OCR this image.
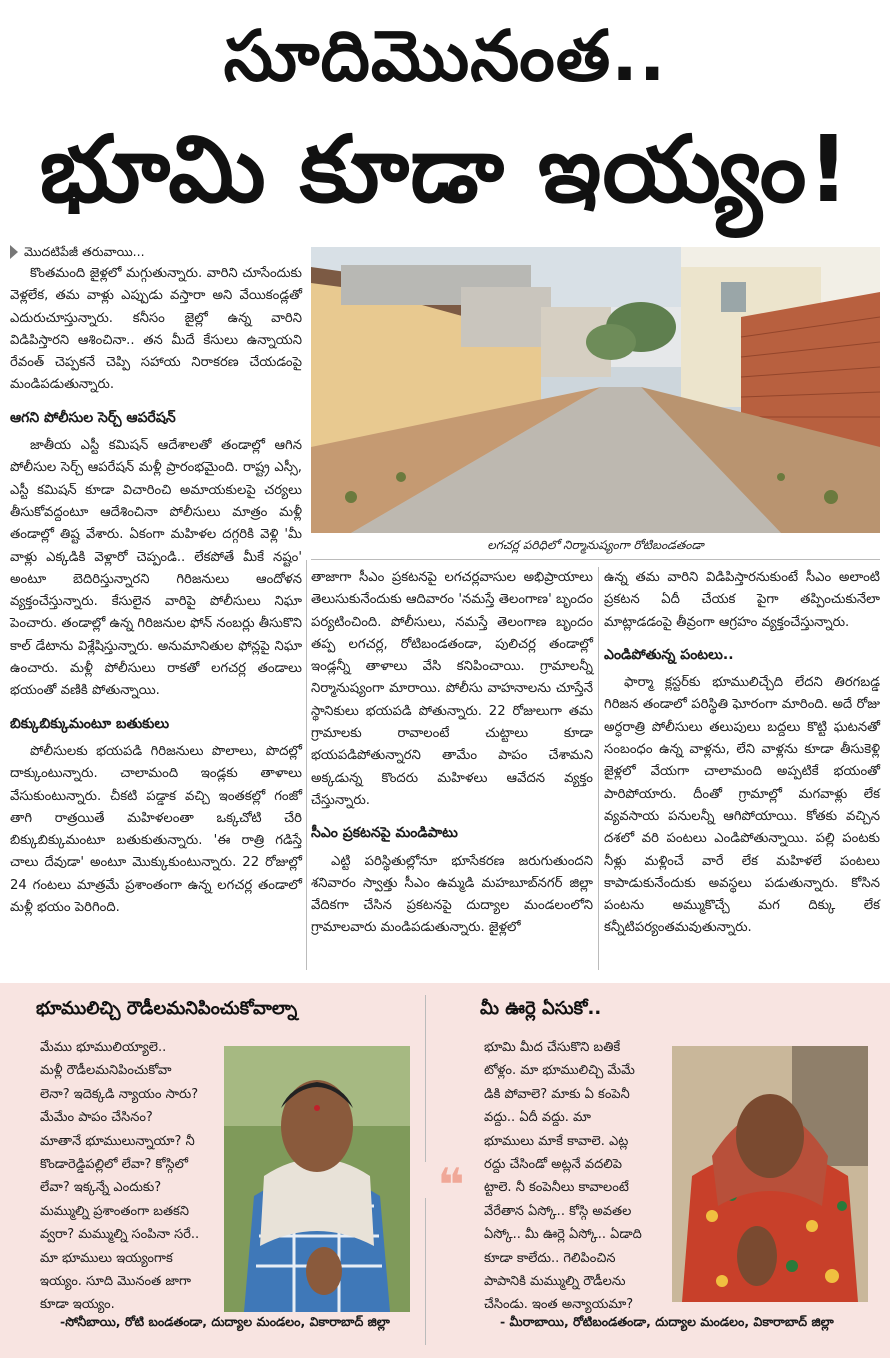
సూదిమొనంత..
భూమి కూడా ఇయ్యం!
మొదటిపేజీ తరువాయి...

కొంతమంది జైళ్లలో మగ్గుతున్నారు. వారిని చూసేందుకు వెళ్లలేక, తమ వాళ్లు ఎప్పుడు వస్తారా అని వేయికండ్లతో ఎదురుచూస్తున్నారు. కనీసం జైల్లో ఉన్న వారిని విడిపిస్తారని ఆశించినా.. తన మీదే కేసులు ఉన్నాయని రేవంత్ చెప్పకనే చెప్పి సహాయ నిరాకరణ చేయడంపై మండిపడుతున్నారు.

ఆగని పోలీసుల సెర్చ్ ఆపరేషన్

జాతీయ ఎస్టీ కమిషన్ ఆదేశాలతో తండాల్లో ఆగిన పోలీసుల సెర్చ్ ఆపరేషన్ మళ్లీ ప్రారంభమైంది. రాష్ట్ర ఎస్సీ, ఎస్టీ కమిషన్ కూడా విచారించి అమాయకులపై చర్యలు తీసుకోవద్దంటూ ఆదేశించినా పోలీసులు మాత్రం మళ్లీ తండాల్లో తిష్ట వేశారు. ఏకంగా మహిళల దగ్గరికి వెళ్లి 'మీ వాళ్లు ఎక్కడికి వెళ్లారో చెప్పండి.. లేకపోతే మీకే నష్టం' అంటూ బెదిరిస్తున్నారని గిరిజనులు ఆందోళన వ్యక్తంచేస్తున్నారు. కేసులైన వారిపై పోలీసులు నిఘా పెంచారు. తండాల్లో ఉన్న గిరిజనుల ఫోన్ నంబర్లు తీసుకొని కాల్ డేటాను విశ్లేషిస్తున్నారు. అనుమానితుల ఫోన్లపై నిఘా ఉంచారు. మళ్లీ పోలీసులు రాకతో లగచర్ల తండాలు భయంతో వణికి పోతున్నాయి.

బిక్కుబిక్కుమంటూ బతుకులు

పోలీసులకు భయపడి గిరిజనులు పొలాలు, పొదల్లో దాక్కుంటున్నారు. చాలామంది ఇండ్లకు తాళాలు వేసుకుంటున్నారు. చీకటి పడ్డాక వచ్చి ఇంతకల్లో గంజో తాగి రాత్రయితే మహిళలంతా ఒక్కచోటి చేరి బిక్కుబిక్కుమంటూ బతుకుతున్నారు. 'ఈ రాత్రి గడిస్తే చాలు దేవుడా' అంటూ మొక్కుకుంటున్నారు. 22 రోజుల్లో 24 గంటలు మాత్రమే ప్రశాంతంగా ఉన్న లగచర్ల తండాలో మళ్లీ భయం పెరిగింది.

లగచర్ల పరిధిలో నిర్మానుష్యంగా రోటిబండతండా

తాజాగా సీఎం ప్రకటనపై లగచర్లవాసుల అభిప్రాయాలు తెలుసుకునేందుకు ఆదివారం 'నమస్తే తెలంగాణ' బృందం పర్యటించింది. పోలీసులు, నమస్తే తెలంగాణ బృందం తప్ప లగచర్ల, రోటిబండతండా, పులిచర్ల తండాల్లో ఇండ్లన్నీ తాళాలు వేసి కనిపించాయి. గ్రామాలన్నీ నిర్మానుష్యంగా మారాయి. పోలీసు వాహనాలను చూస్తేనే స్థానికులు భయపడి పోతున్నారు. 22 రోజులుగా తమ గ్రామాలకు రావాలంటే చుట్టాలు కూడా భయపడిపోతున్నారని తామేం పాపం చేశామని అక్కడున్న కొందరు మహిళలు ఆవేదన వ్యక్తం చేస్తున్నారు.

సీఎం ప్రకటనపై మండిపాటు

ఎట్టి పరిస్థితుల్లోనూ భూసేకరణ జరుగుతుందని శనివారం స్వాత్తు సీఎం ఉమ్మడి మహబూబ్‌నగర్ జిల్లా వేదికగా చేసిన ప్రకటనపై దుద్యాల మండలంలోని గ్రామాలవారు మండిపడుతున్నారు. జైళ్లలో

ఉన్న తమ వారిని విడిపిస్తారనుకుంటే సీఎం అలాంటి ప్రకటన ఏదీ చేయక పైగా తప్పించుకునేలా మాట్లాడడంపై తీవ్రంగా ఆగ్రహం వ్యక్తంచేస్తున్నారు.

ఎండిపోతున్న పంటలు..

ఫార్మా క్లస్టర్‌కు భూములిచ్చేది లేదని తిరగబడ్డ గిరిజన తండాలో పరిస్థితి ఘోరంగా మారింది. అదే రోజు అర్ధరాత్రి పోలీసులు తలుపులు బద్దలు కొట్టి ఘటనతో సంబంధం ఉన్న వాళ్లను, లేని వాళ్లను కూడా తీసుకెళ్లి జైళ్లలో వేయగా చాలామంది అప్పటికే భయంతో పారిపోయారు. దీంతో గ్రామాల్లో మగవాళ్లు లేక వ్యవసాయ పనులన్నీ ఆగిపోయాయి. కోతకు వచ్చిన దశలో వరి పంటలు ఎండిపోతున్నాయి. పల్లి పంటకు నీళ్లు మళ్లించే వారే లేక మహిళలే పంటలు కాపాడుకునేందుకు అవస్థలు పడుతున్నారు. కోసిన పంటను అమ్ముకొచ్చే మగ దిక్కు లేక కన్నీటిపర్యంతమవుతున్నారు.

భూములిచ్చి రౌడీలమనిపించుకోవాల్నా
మేము భూములియ్యాలె..
మళ్లీ రౌడీలమనిపించుకోవా
లెనా? ఇదెక్కడి న్యాయం సారు?
మేమేం పాపం చేసినం?
మాతానే భూములున్నాయా? నీ
కొండారెడ్డిపల్లిలో లేవా? కోస్గిలో
లేవా? ఇక్కన్నే ఎందుకు?
మమ్ముల్ని ప్రశాంతంగా బతకని
వ్వరా? మమ్ముల్ని సంపినా సరే..
మా భూములు ఇయ్యంగాక
ఇయ్యం. సూది మొనంత జాగా
కూడా ఇయ్యం.
-సోనీబాయి, రోటి బండతండా, దుద్యాల మండలం, వికారాబాద్ జిల్లా
❝
మీ ఊర్లె ఏసుకో..
భూమి మీద చేసుకొని బతికే
టోళ్లం. మా భూములిచ్చి మేమే
డికి పోవాలె? మాకు ఏ కంపెనీ
వద్దు.. ఏదీ వద్దు. మా
భూములు మాకే కావాలె. ఎట్ల
రద్దు చేసిండో అట్లనే వదలిపె
ట్టాలె. నీ కంపెనీలు కావాలంటే
వేరేతాన ఏస్కో.. కోస్గి అవతల
ఏస్కో.. మీ ఊర్లె ఏస్కో.. ఏడాది
కూడా కాలేదు.. గెలిపించిన
పాపానికి మమ్ముల్ని రౌడీలను
చేసిండు. ఇంత అన్యాయమా?
- మీరాబాయి, రోటిబండతండా, దుద్యాల మండలం, వికారాబాద్ జిల్లా
